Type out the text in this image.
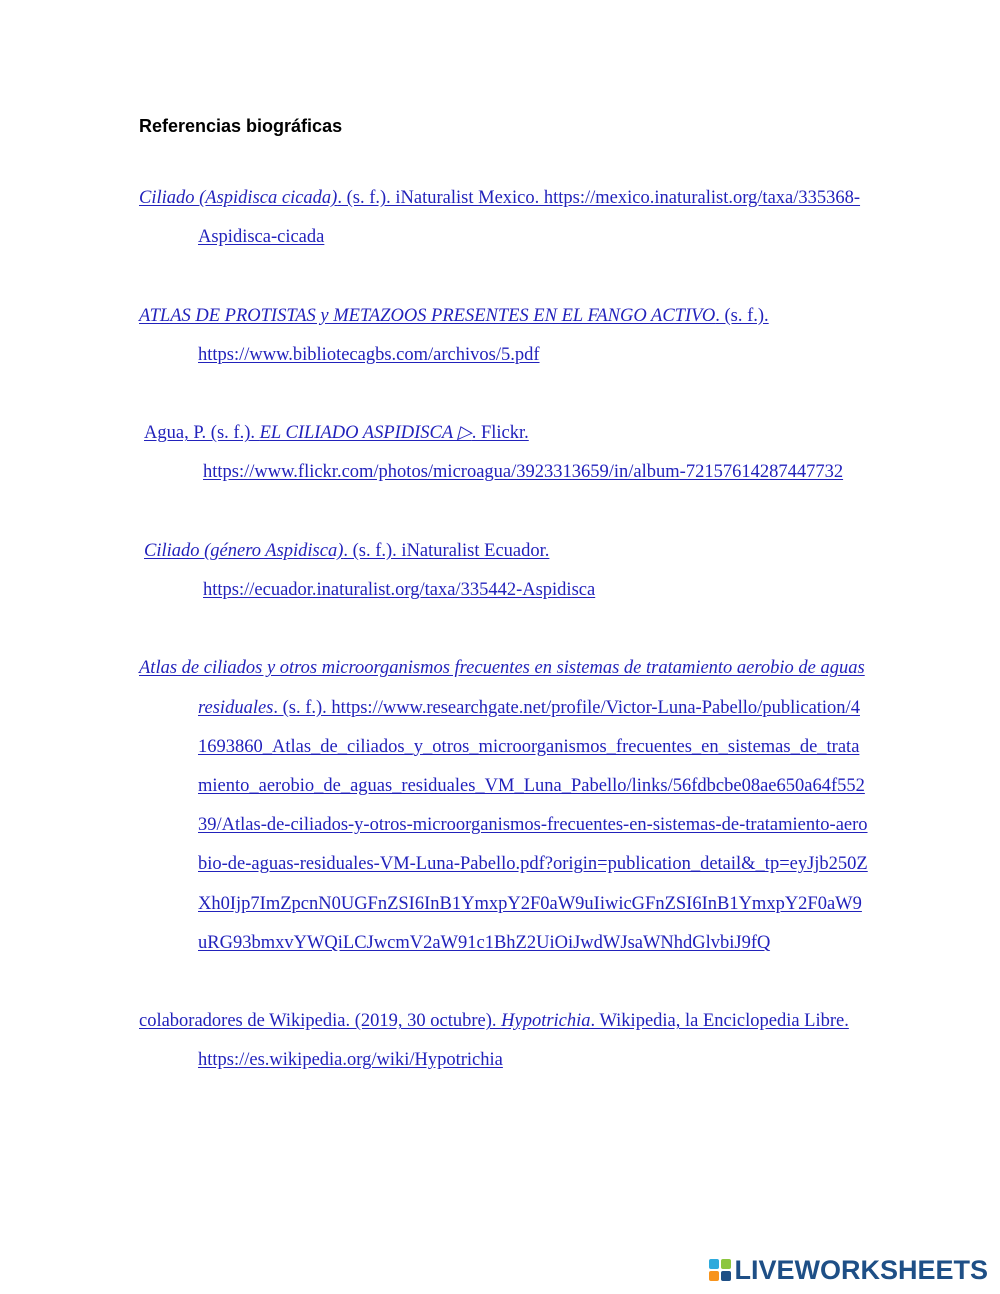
Referencias biográficas

Ciliado (Aspidisca cicada). (s. f.). iNaturalist Mexico. https://mexico.inaturalist.org/taxa/335368-Aspidisca-cicada

ATLAS DE PROTISTAS y METAZOOS PRESENTES EN EL FANGO ACTIVO. (s. f.). https://www.bibliotecagbs.com/archivos/5.pdf

Agua, P. (s. f.). EL CILIADO ASPIDISCA ▷. Flickr. https://www.flickr.com/photos/microagua/3923313659/in/album-72157614287447732

Ciliado (género Aspidisca). (s. f.). iNaturalist Ecuador. https://ecuador.inaturalist.org/taxa/335442-Aspidisca

Atlas de ciliados y otros microorganismos frecuentes en sistemas de tratamiento aerobio de aguas residuales. (s. f.). https://www.researchgate.net/profile/Victor-Luna-Pabello/publication/41693860_Atlas_de_ciliados_y_otros_microorganismos_frecuentes_en_sistemas_de_tratamiento_aerobio_de_aguas_residuales_VM_Luna_Pabello/links/56fdbcbe08ae650a64f55239/Atlas-de-ciliados-y-otros-microorganismos-frecuentes-en-sistemas-de-tratamiento-aerobio-de-aguas-residuales-VM-Luna-Pabello.pdf?origin=publication_detail&_tp=eyJjb250ZXh0Ijp7ImZpcnN0UGFnZSI6InB1YmxpY2F0aW9uIiwicGFnZSI6InB1YmxpY2F0aW9uRG93bmxvYWQiLCJwcmV2aW91c1BhZ2UiOiJwdWJsaWNhdGlvbiJ9fQ

colaboradores de Wikipedia. (2019, 30 octubre). Hypotrichia. Wikipedia, la Enciclopedia Libre. https://es.wikipedia.org/wiki/Hypotrichia

LIVEWORKSHEETS
